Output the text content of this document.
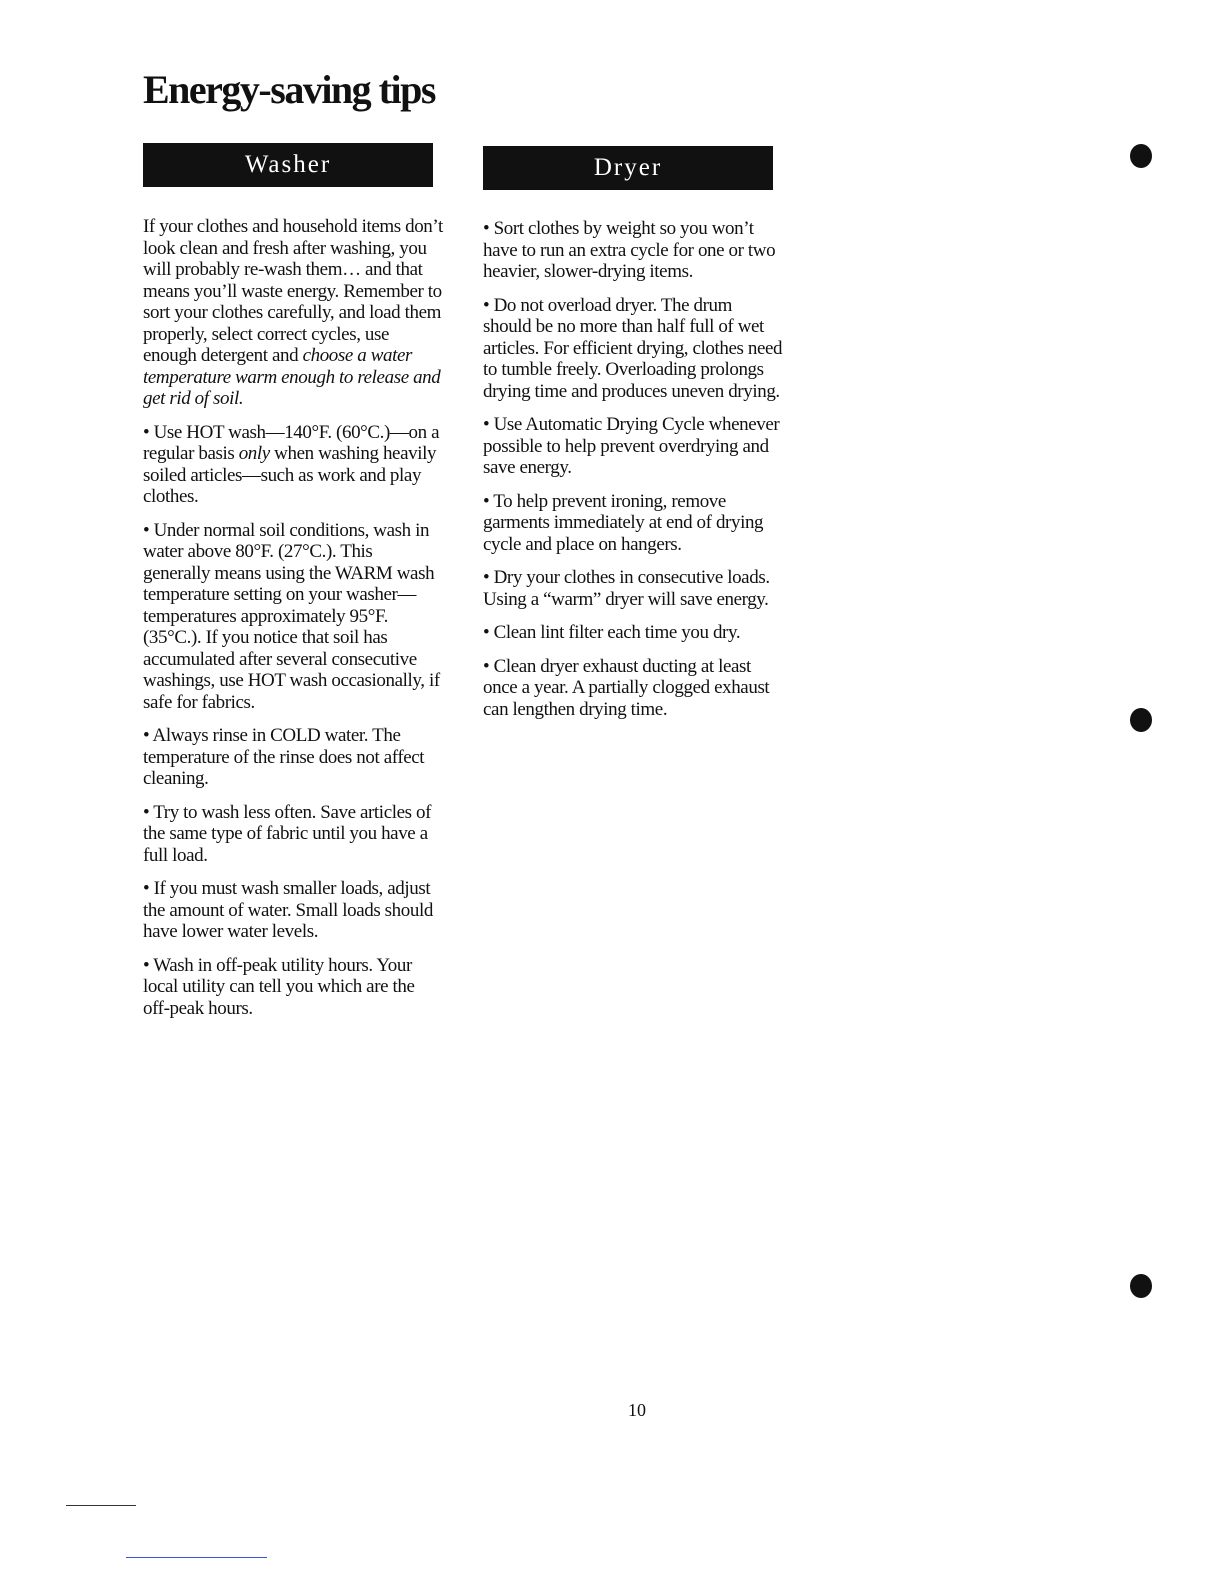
Energy-saving tips
Washer

If your clothes and household items don’t look clean and fresh after washing, you will probably re-wash them… and that means you’ll waste energy. Remember to sort your clothes carefully, and load them properly, select correct cycles, use enough detergent and choose a water temperature warm enough to release and get rid of soil.

• Use HOT wash—140°F. (60°C.)—on a regular basis only when washing heavily soiled articles—such as work and play clothes.

• Under normal soil conditions, wash in water above 80°F. (27°C.). This generally means using the WARM wash temperature setting on your washer—temperatures approximately 95°F. (35°C.). If you notice that soil has accumulated after several consecutive washings, use HOT wash occasionally, if safe for fabrics.

• Always rinse in COLD water. The temperature of the rinse does not affect cleaning.

• Try to wash less often. Save articles of the same type of fabric until you have a full load.

• If you must wash smaller loads, adjust the amount of water. Small loads should have lower water levels.

• Wash in off-peak utility hours. Your local utility can tell you which are the off-peak hours.

Dryer

• Sort clothes by weight so you won’t have to run an extra cycle for one or two heavier, slower-drying items.

• Do not overload dryer. The drum should be no more than half full of wet articles. For efficient drying, clothes need to tumble freely. Overloading prolongs drying time and produces uneven drying.

• Use Automatic Drying Cycle whenever possible to help prevent overdrying and save energy.

• To help prevent ironing, remove garments immediately at end of drying cycle and place on hangers.

• Dry your clothes in consecutive loads. Using a “warm” dryer will save energy.

• Clean lint filter each time you dry.

• Clean dryer exhaust ducting at least once a year. A partially clogged exhaust can lengthen drying time.

10
